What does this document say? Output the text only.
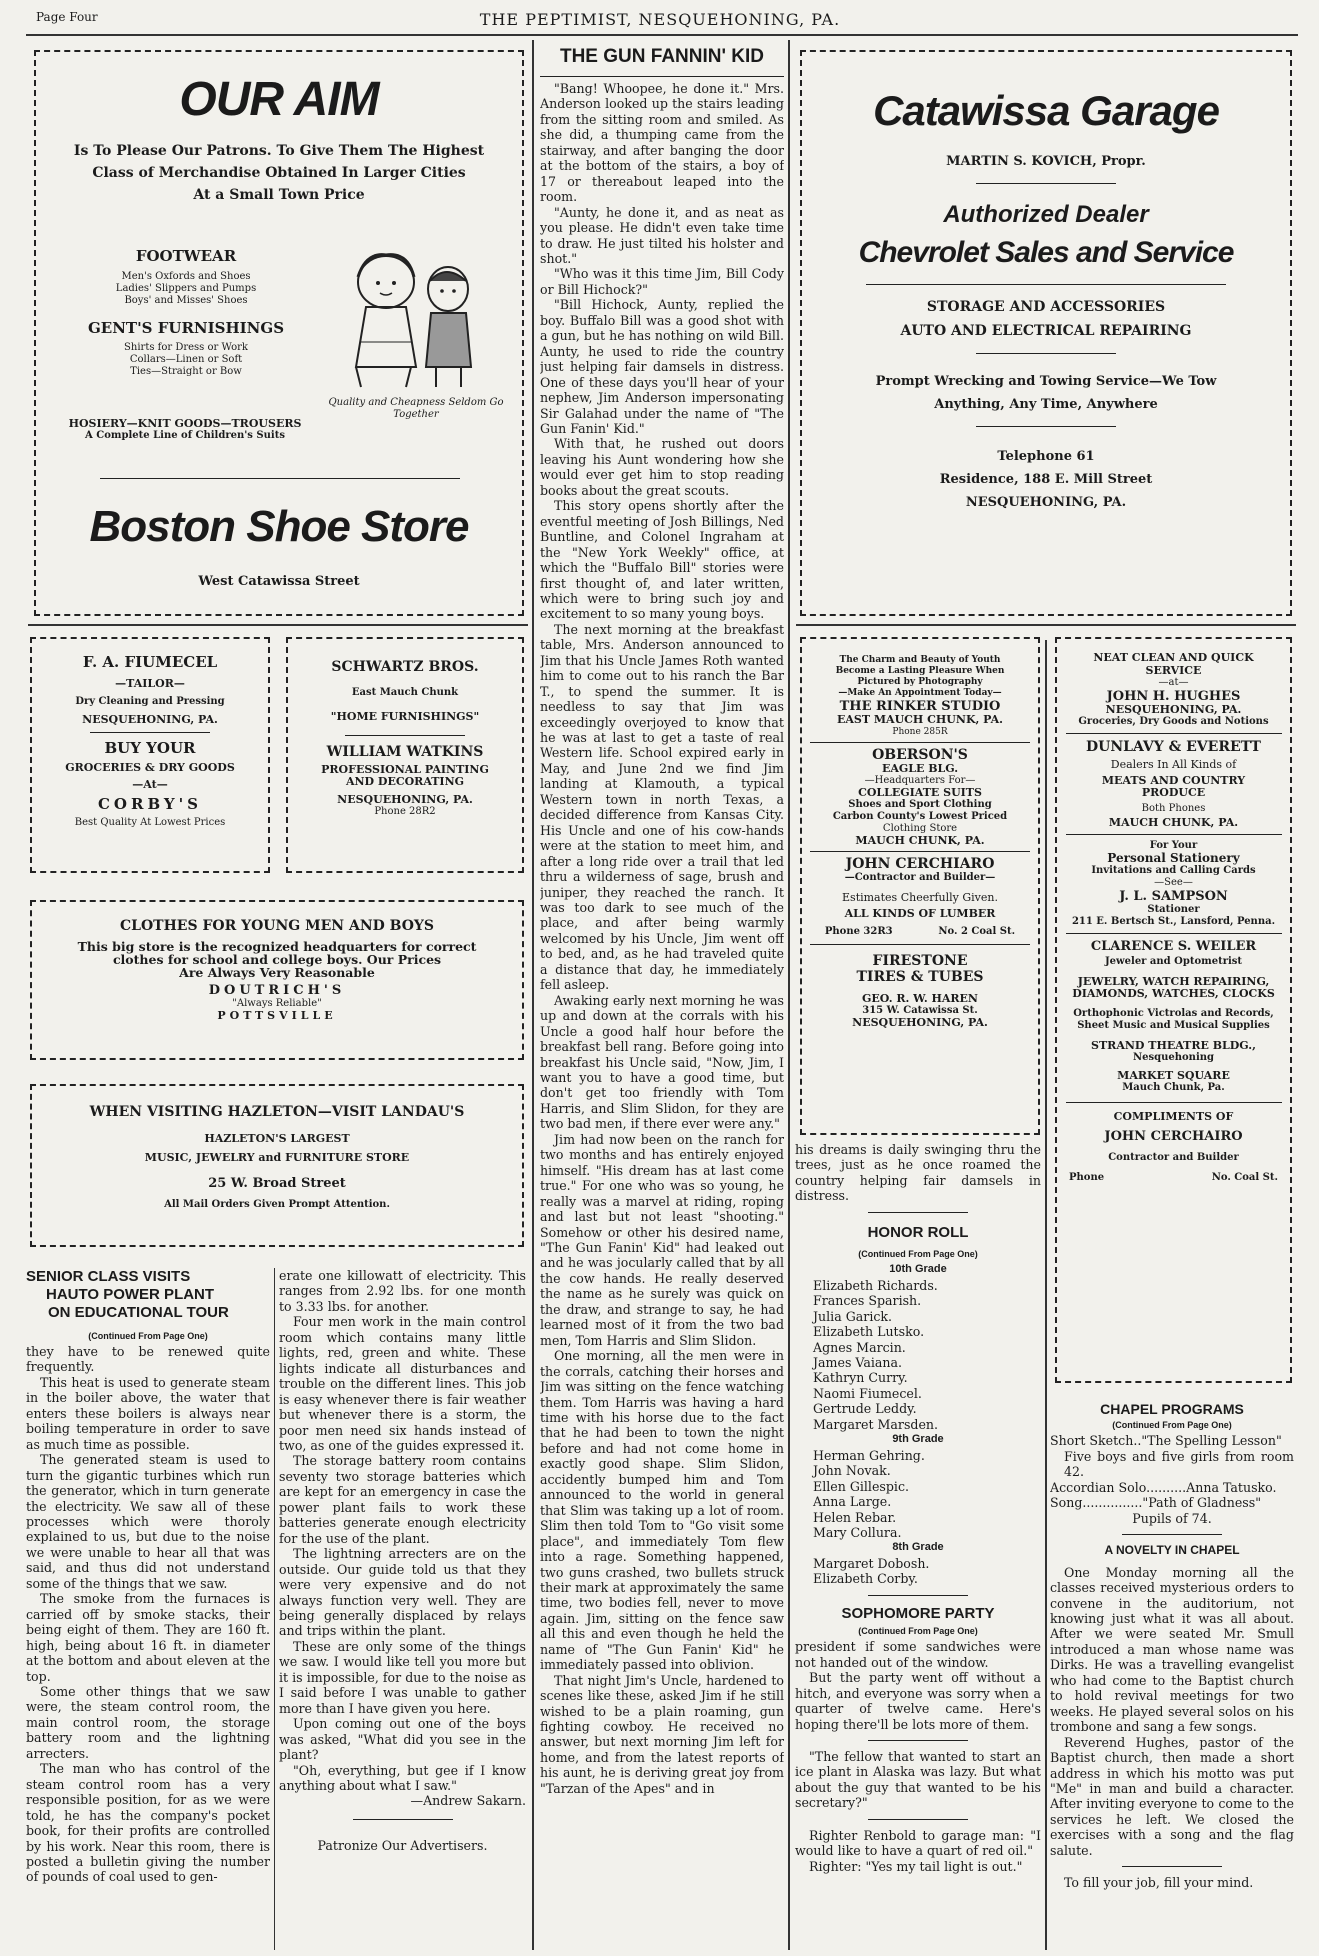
Page Four	THE PEPTIMIST, NESQUEHONING, PA.
OUR AIM
Is To Please Our Patrons. To Give Them The Highest
Class of Merchandise Obtained In Larger Cities
At a Small Town Price
FOOTWEAR
Men's Oxfords and Shoes
Ladies' Slippers and Pumps
Boys' and Misses' Shoes
GENT'S FURNISHINGS
Shirts for Dress or Work
Collars—Linen or Soft
Ties—Straight or Bow
HOSIERY—KNIT GOODS—TROUSERS
A Complete Line of Children's Suits
Quality and Cheapness Seldom Go Together
Boston Shoe Store
West Catawissa Street
F. A. FIUMECEL
—TAILOR—
Dry Cleaning and Pressing
NESQUEHONING, PA.
BUY YOUR
GROCERIES & DRY GOODS
—At—
CORBY'S
Best Quality At Lowest Prices
SCHWARTZ BROS.
East Mauch Chunk
"HOME FURNISHINGS"
WILLIAM WATKINS
PROFESSIONAL PAINTING
AND DECORATING
NESQUEHONING, PA.
Phone 28R2
CLOTHES FOR YOUNG MEN AND BOYS
This big store is the recognized headquarters for correct
clothes for school and college boys. Our Prices
Are Always Very Reasonable
DOUTRICH'S
"Always Reliable"
POTTSVILLE
WHEN VISITING HAZLETON—VISIT LANDAU'S
HAZLETON'S LARGEST
MUSIC, JEWELRY and FURNITURE STORE
25 W. Broad Street
All Mail Orders Given Prompt Attention.
SENIOR CLASS VISITS
HAUTO POWER PLANT
ON EDUCATIONAL TOUR
(Continued From Page One)

they have to be renewed quite frequently.

This heat is used to generate steam in the boiler above, the water that enters these boilers is always near boiling temperature in order to save as much time as possible.

The generated steam is used to turn the gigantic turbines which run the generator, which in turn generate the electricity. We saw all of these processes which were thoroly explained to us, but due to the noise we were unable to hear all that was said, and thus did not understand some of the things that we saw.

The smoke from the furnaces is carried off by smoke stacks, their being eight of them. They are 160 ft. high, being about 16 ft. in diameter at the bottom and about eleven at the top.

Some other things that we saw were, the steam control room, the main control room, the storage battery room and the lightning arrecters.

The man who has control of the steam control room has a very responsible position, for as we were told, he has the company's pocket book, for their profits are controlled by his work. Near this room, there is posted a bulletin giving the number of pounds of coal used to gen-

erate one killowatt of electricity. This ranges from 2.92 lbs. for one month to 3.33 lbs. for another.

Four men work in the main control room which contains many little lights, red, green and white. These lights indicate all disturbances and trouble on the different lines. This job is easy whenever there is fair weather but whenever there is a storm, the poor men need six hands instead of two, as one of the guides expressed it.

The storage battery room contains seventy two storage batteries which are kept for an emergency in case the power plant fails to work these batteries generate enough electricity for the use of the plant.

The lightning arrecters are on the outside. Our guide told us that they were very expensive and do not always function very well. They are being generally displaced by relays and trips within the plant.

These are only some of the things we saw. I would like tell you more but it is impossible, for due to the noise as I said before I was unable to gather more than I have given you here.

Upon coming out one of the boys was asked, "What did you see in the plant?

"Oh, everything, but gee if I know anything about what I saw."

—Andrew Sakarn.
Patronize Our Advertisers.
THE GUN FANNIN' KID

"Bang! Whoopee, he done it." Mrs. Anderson looked up the stairs leading from the sitting room and smiled. As she did, a thumping came from the stairway, and after banging the door at the bottom of the stairs, a boy of 17 or thereabout leaped into the room.

"Aunty, he done it, and as neat as you please. He didn't even take time to draw. He just tilted his holster and shot."

"Who was it this time Jim, Bill Cody or Bill Hichock?"

"Bill Hichock, Aunty, replied the boy. Buffalo Bill was a good shot with a gun, but he has nothing on wild Bill. Aunty, he used to ride the country just helping fair damsels in distress. One of these days you'll hear of your nephew, Jim Anderson impersonating Sir Galahad under the name of "The Gun Fanin' Kid."

With that, he rushed out doors leaving his Aunt wondering how she would ever get him to stop reading books about the great scouts.

This story opens shortly after the eventful meeting of Josh Billings, Ned Buntline, and Colonel Ingraham at the "New York Weekly" office, at which the "Buffalo Bill" stories were first thought of, and later written, which were to bring such joy and excitement to so many young boys.

The next morning at the breakfast table, Mrs. Anderson announced to Jim that his Uncle James Roth wanted him to come out to his ranch the Bar T., to spend the summer. It is needless to say that Jim was exceedingly overjoyed to know that he was at last to get a taste of real Western life. School expired early in May, and June 2nd we find Jim landing at Klamouth, a typical Western town in north Texas, a decided difference from Kansas City. His Uncle and one of his cow-hands were at the station to meet him, and after a long ride over a trail that led thru a wilderness of sage, brush and juniper, they reached the ranch. It was too dark to see much of the place, and after being warmly welcomed by his Uncle, Jim went off to bed, and, as he had traveled quite a distance that day, he immediately fell asleep.

Awaking early next morning he was up and down at the corrals with his Uncle a good half hour before the breakfast bell rang. Before going into breakfast his Uncle said, "Now, Jim, I want you to have a good time, but don't get too friendly with Tom Harris, and Slim Slidon, for they are two bad men, if there ever were any."

Jim had now been on the ranch for two months and has entirely enjoyed himself. "His dream has at last come true." For one who was so young, he really was a marvel at riding, roping and last but not least "shooting." Somehow or other his desired name, "The Gun Fanin' Kid" had leaked out and he was jocularly called that by all the cow hands. He really deserved the name as he surely was quick on the draw, and strange to say, he had learned most of it from the two bad men, Tom Harris and Slim Slidon.

One morning, all the men were in the corrals, catching their horses and Jim was sitting on the fence watching them. Tom Harris was having a hard time with his horse due to the fact that he had been to town the night before and had not come home in exactly good shape. Slim Slidon, accidently bumped him and Tom announced to the world in general that Slim was taking up a lot of room. Slim then told Tom to "Go visit some place", and immediately Tom flew into a rage. Something happened, two guns crashed, two bullets struck their mark at approximately the same time, two bodies fell, never to move again. Jim, sitting on the fence saw all this and even though he held the name of "The Gun Fanin' Kid" he immediately passed into oblivion.

That night Jim's Uncle, hardened to scenes like these, asked Jim if he still wished to be a plain roaming, gun fighting cowboy. He received no answer, but next morning Jim left for home, and from the latest reports of his aunt, he is deriving great joy from "Tarzan of the Apes" and in

Catawissa Garage
MARTIN S. KOVICH, Propr.
Authorized Dealer
Chevrolet Sales and Service
STORAGE AND ACCESSORIES
AUTO AND ELECTRICAL REPAIRING
Prompt Wrecking and Towing Service—We Tow
Anything, Any Time, Anywhere
Telephone 61
Residence, 188 E. Mill Street
NESQUEHONING, PA.
The Charm and Beauty of Youth
Become a Lasting Pleasure When
Pictured by Photography
—Make An Appointment Today—
THE RINKER STUDIO
EAST MAUCH CHUNK, PA.
Phone 285R
OBERSON'S
EAGLE BLG.
—Headquarters For—
COLLEGIATE SUITS
Shoes and Sport Clothing
Carbon County's Lowest Priced
Clothing Store
MAUCH CHUNK, PA.
JOHN CERCHIARO
—Contractor and Builder—
Estimates Cheerfully Given.
ALL KINDS OF LUMBER
Phone 32R3	No. 2 Coal St.
FIRESTONE
TIRES & TUBES
GEO. R. W. HAREN
315 W. Catawissa St.
NESQUEHONING, PA.

his dreams is daily swinging thru the trees, just as he once roamed the country helping fair damsels in distress.

HONOR ROLL
(Continued From Page One)
10th Grade
Elizabeth Richards.
Frances Sparish.
Julia Garick.
Elizabeth Lutsko.
Agnes Marcin.
James Vaiana.
Kathryn Curry.
Naomi Fiumecel.
Gertrude Leddy.
Margaret Marsden.
9th Grade
Herman Gehring.
John Novak.
Ellen Gillespic.
Anna Large.
Helen Rebar.
Mary Collura.
8th Grade
Margaret Dobosh.
Elizabeth Corby.
SOPHOMORE PARTY
(Continued From Page One)

president if some sandwiches were not handed out of the window.

But the party went off without a hitch, and everyone was sorry when a quarter of twelve came. Here's hoping there'll be lots more of them.

"The fellow that wanted to start an ice plant in Alaska was lazy. But what about the guy that wanted to be his secretary?"

Righter Renbold to garage man: "I would like to have a quart of red oil."

Righter: "Yes my tail light is out."

NEAT CLEAN AND QUICK SERVICE
—at—
JOHN H. HUGHES
NESQUEHONING, PA.
Groceries, Dry Goods and Notions
DUNLAVY & EVERETT
Dealers In All Kinds of
MEATS AND COUNTRY
PRODUCE
Both Phones
MAUCH CHUNK, PA.
For Your
Personal Stationery
Invitations and Calling Cards
—See—
J. L. SAMPSON
Stationer
211 E. Bertsch St., Lansford, Penna.
CLARENCE S. WEILER
Jeweler and Optometrist
JEWELRY, WATCH REPAIRING, DIAMONDS, WATCHES, CLOCKS
Orthophonic Victrolas and Records, Sheet Music and Musical Supplies
STRAND THEATRE BLDG.,
Nesquehoning
MARKET SQUARE
Mauch Chunk, Pa.
COMPLIMENTS OF
JOHN CERCHAIRO
Contractor and Builder
Phone	No. Coal St.
CHAPEL PROGRAMS
(Continued From Page One)
Short Sketch.."The Spelling Lesson"
Five boys and five girls from room 42.
Accordian Solo..........Anna Tatusko.
Song..............."Path of Gladness"
Pupils of 74.
A NOVELTY IN CHAPEL

One Monday morning all the classes received mysterious orders to convene in the auditorium, not knowing just what it was all about. After we were seated Mr. Smull introduced a man whose name was Dirks. He was a travelling evangelist who had come to the Baptist church to hold revival meetings for two weeks. He played several solos on his trombone and sang a few songs.

Reverend Hughes, pastor of the Baptist church, then made a short address in which his motto was put "Me" in man and build a character. After inviting everyone to come to the services he left. We closed the exercises with a song and the flag salute.

To fill your job, fill your mind.
